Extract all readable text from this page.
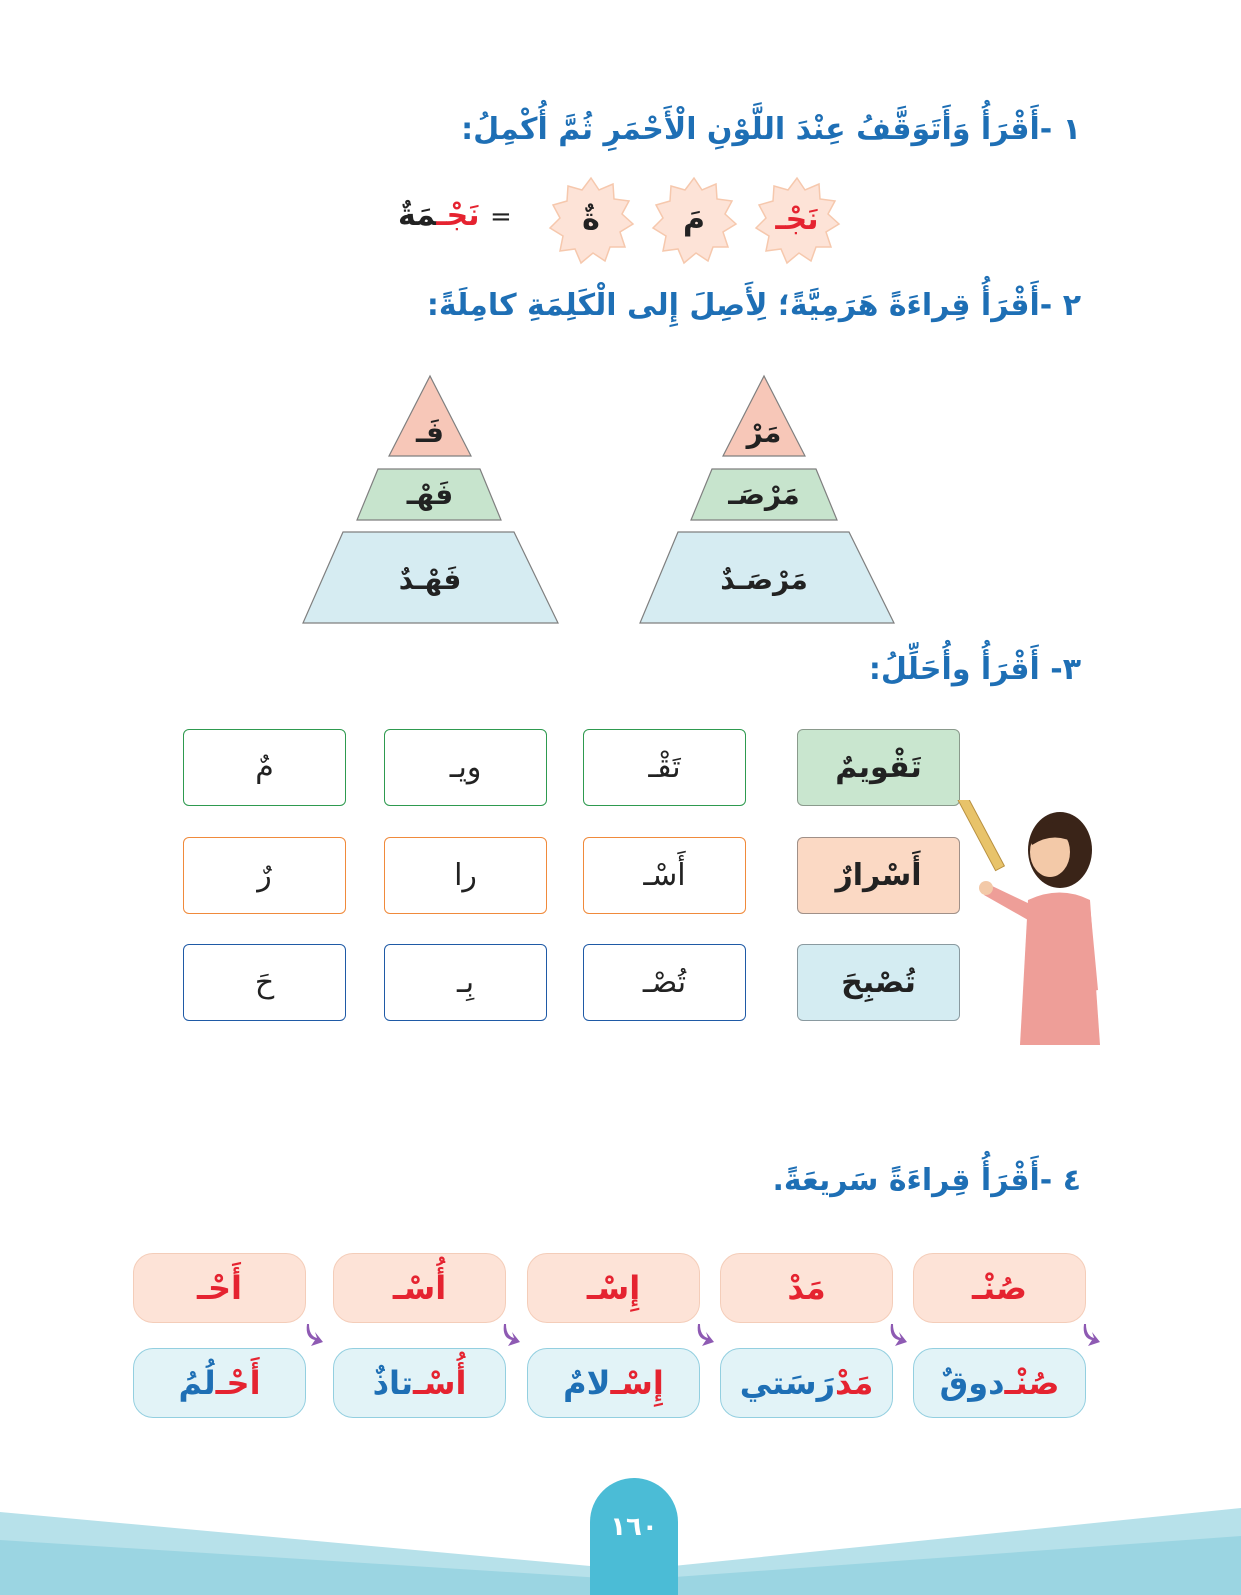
١ -أَقْرَأُ وَأَتَوَقَّفُ عِنْدَ اللَّوْنِ الْأَحْمَرِ ثُمَّ أُكْمِلُ:
نَجْـ
مَ
ةٌ
=
نَجْـمَةٌ
٢ -أَقْرَأُ قِراءَةً هَرَمِيَّةً؛ لِأَصِلَ إِلى الْكَلِمَةِ كامِلَةً:
مَرْ
مَرْصَـ
مَرْصَـدٌ
فَـ
فَهْـ
فَهْـدٌ
٣- أَقْرَأُ وأُحَلِّلُ:
تَقْويمٌ
تَقْـ
ويـ
مٌ
أَسْرارٌ
أَسْـ
را
رٌ
تُصْبِحَ
تُصْـ
بِـ
حَ
٤ -أَقْرَأُ قِراءَةً سَريعَةً.
صُنْـ
مَدْ
إِسْـ
أُسْـ
أَحْـ
صُنْـ
دوقٌ
مَدْ
رَسَتي
إِسْـ
لامٌ
أُسْـ
تاذٌ
أَحْـ
لُمُ
١٦٠
